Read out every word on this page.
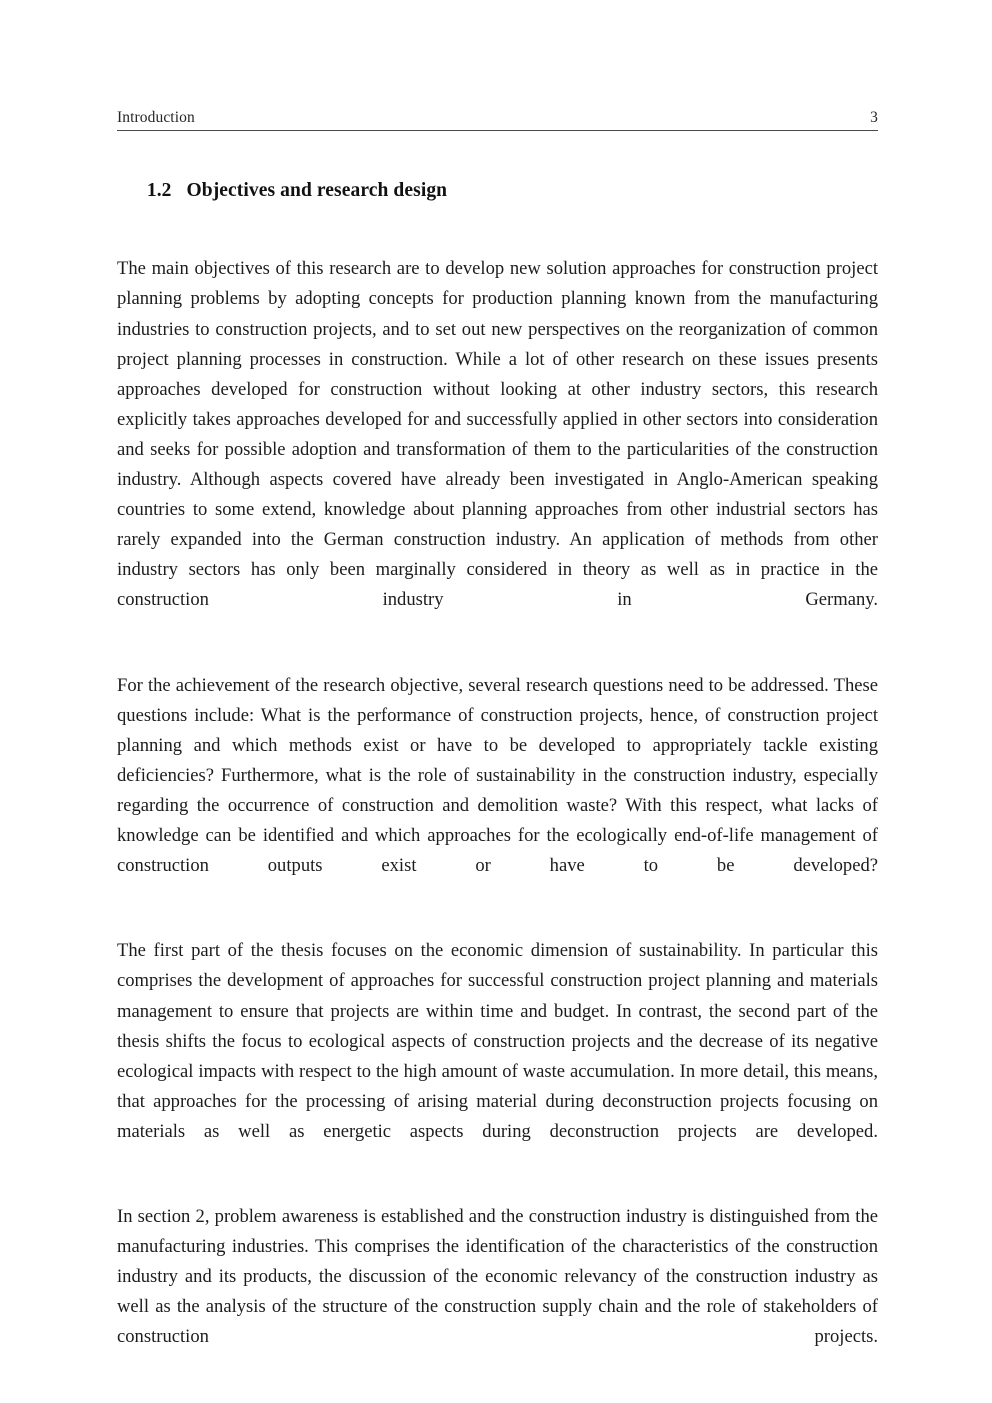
Introduction	3

1.2 Objectives and research design

The main objectives of this research are to develop new solution approaches for construction project planning problems by adopting concepts for production planning known from the manufacturing industries to construction projects, and to set out new perspectives on the reorganization of common project planning processes in construction. While a lot of other research on these issues presents approaches developed for construction without looking at other industry sectors, this research explicitly takes approaches developed for and successfully applied in other sectors into consideration and seeks for possible adoption and transformation of them to the particularities of the construction industry. Although aspects covered have already been investigated in Anglo-American speaking countries to some extend, knowledge about planning approaches from other industrial sectors has rarely expanded into the German construction industry. An application of methods from other industry sectors has only been marginally considered in theory as well as in practice in the construction industry in Germany.

For the achievement of the research objective, several research questions need to be addressed. These questions include: What is the performance of construction projects, hence, of construction project planning and which methods exist or have to be developed to appropriately tackle existing deficiencies? Furthermore, what is the role of sustainability in the construction industry, especially regarding the occurrence of construction and demolition waste? With this respect, what lacks of knowledge can be identified and which approaches for the ecologically end-of-life management of construction outputs exist or have to be developed?

The first part of the thesis focuses on the economic dimension of sustainability. In particular this comprises the development of approaches for successful construction project planning and materials management to ensure that projects are within time and budget. In contrast, the second part of the thesis shifts the focus to ecological aspects of construction projects and the decrease of its negative ecological impacts with respect to the high amount of waste accumulation. In more detail, this means, that approaches for the processing of arising material during deconstruction projects focusing on materials as well as energetic aspects during deconstruction projects are developed.

In section 2, problem awareness is established and the construction industry is distinguished from the manufacturing industries. This comprises the identification of the characteristics of the construction industry and its products, the discussion of the economic relevancy of the construction industry as well as the analysis of the structure of the construction supply chain and the role of stakeholders of construction projects.
